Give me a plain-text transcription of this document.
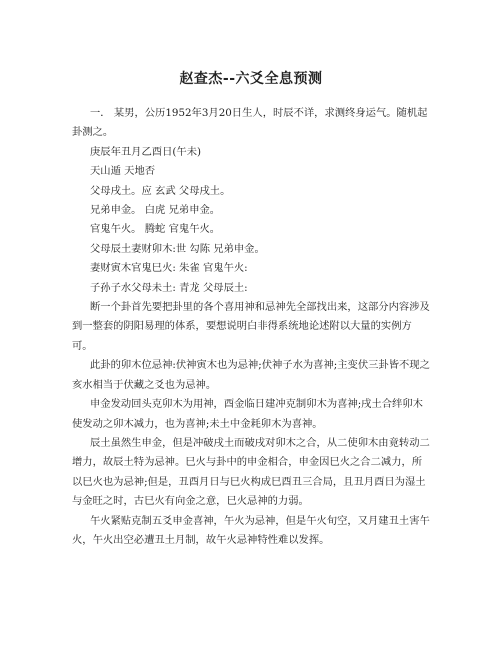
赵查杰--六爻全息预测

一． 某男，公历1952年3月20日生人，时辰不详，求测终身运气。随机起卦测之。

庚辰年丑月乙酉日(午未)

天山遁 天地否

父母戌土。应 玄武 父母戌土。

兄弟申金。 白虎 兄弟申金。

官鬼午火。 腾蛇 官鬼午火。

父母辰土妻财卯木:世 勾陈 兄弟申金。

妻财寅木官鬼巳火: 朱雀 官鬼午火:

子孙子水父母未土: 青龙 父母辰土:

断一个卦首先要把卦里的各个喜用神和忌神先全部找出来，这部分内容涉及到一整套的阴阳易理的体系，要想说明白非得系统地论述附以大量的实例方可。

此卦的卯木位忌神:伏神寅木也为忌神;伏神子水为喜神;主变伏三卦皆不现之亥水相当于伏藏之爻也为忌神。

申金发动回头克卯木为用神，酉金临日建冲克制卯木为喜神;戌土合绊卯木使发动之卯木减力，也为喜神;未土中金耗卯木为喜神。

辰土虽然生申金，但是冲破戌土而破戌对卯木之合，从二使卯木由竟转动二增力，故辰土特为忌神。巳火与卦中的申金相合，申金因巳火之合二减力，所以巳火也为忌神;但是，丑酉月日与巳火构成巳酉丑三合局，且丑月酉日为湿土与金旺之时，古巳火有向金之意，巳火忌神的力弱。

午火紧贴克制五爻申金喜神，午火为忌神，但是午火旬空，又月建丑土害午火，午火出空必遭丑土月制，故午火忌神特性难以发挥。
